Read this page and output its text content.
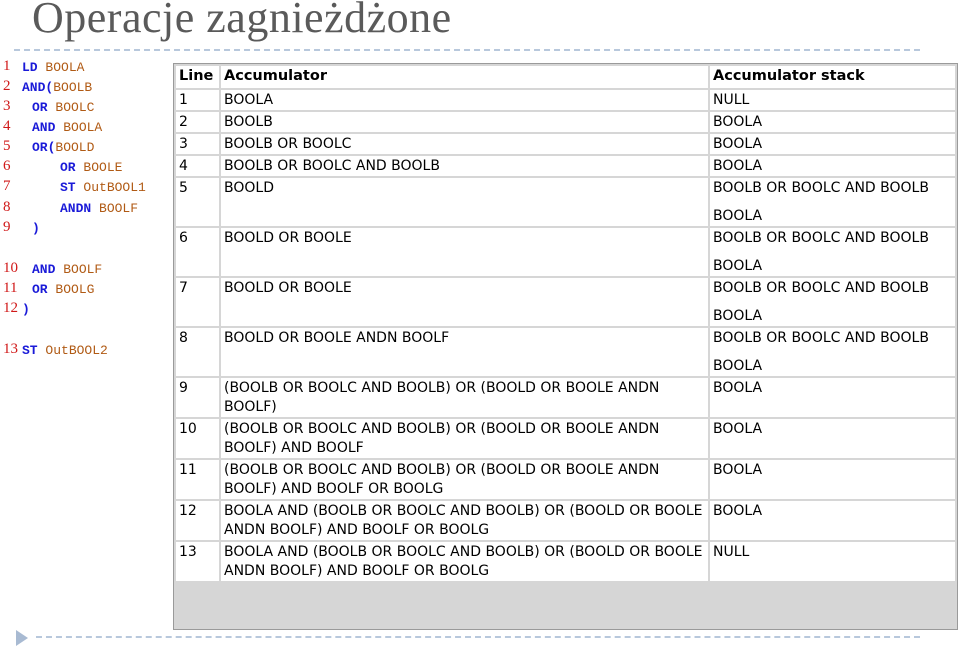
Operacje zagnieżdżone
1 LD BOOLA
2 AND(BOOLB
3 OR BOOLC
4 AND BOOLA
5 OR(BOOLD
6	OR BOOLE
7	ST OutBOOL1
8	ANDN BOOLF
9 )
10 AND BOOLF
11 OR BOOLG
12 )
13 ST OutBOOL2
Line	Accumulator	Accumulator stack
1	BOOLA	NULL

2	BOOLB	BOOLA

3	BOOLB OR BOOLC	BOOLA

4	BOOLB OR BOOLC AND BOOLB	BOOLA

5	BOOLD	BOOLB OR BOOLC AND BOOLB
BOOLA

6	BOOLD OR BOOLE	BOOLB OR BOOLC AND BOOLB
BOOLA

7	BOOLD OR BOOLE	BOOLB OR BOOLC AND BOOLB
BOOLA

8	BOOLD OR BOOLE ANDN BOOLF	BOOLB OR BOOLC AND BOOLB
BOOLA

9	(BOOLB OR BOOLC AND BOOLB) OR (BOOLD OR BOOLE ANDN BOOLF)	BOOLA

10	(BOOLB OR BOOLC AND BOOLB) OR (BOOLD OR BOOLE ANDN BOOLF) AND BOOLF	BOOLA

11	(BOOLB OR BOOLC AND BOOLB) OR (BOOLD OR BOOLE ANDN BOOLF) AND BOOLF OR BOOLG	BOOLA

12	BOOLA AND (BOOLB OR BOOLC AND BOOLB) OR (BOOLD OR BOOLE ANDN BOOLF) AND BOOLF OR BOOLG	BOOLA

13	BOOLA AND (BOOLB OR BOOLC AND BOOLB) OR (BOOLD OR BOOLE ANDN BOOLF) AND BOOLF OR BOOLG	NULL
